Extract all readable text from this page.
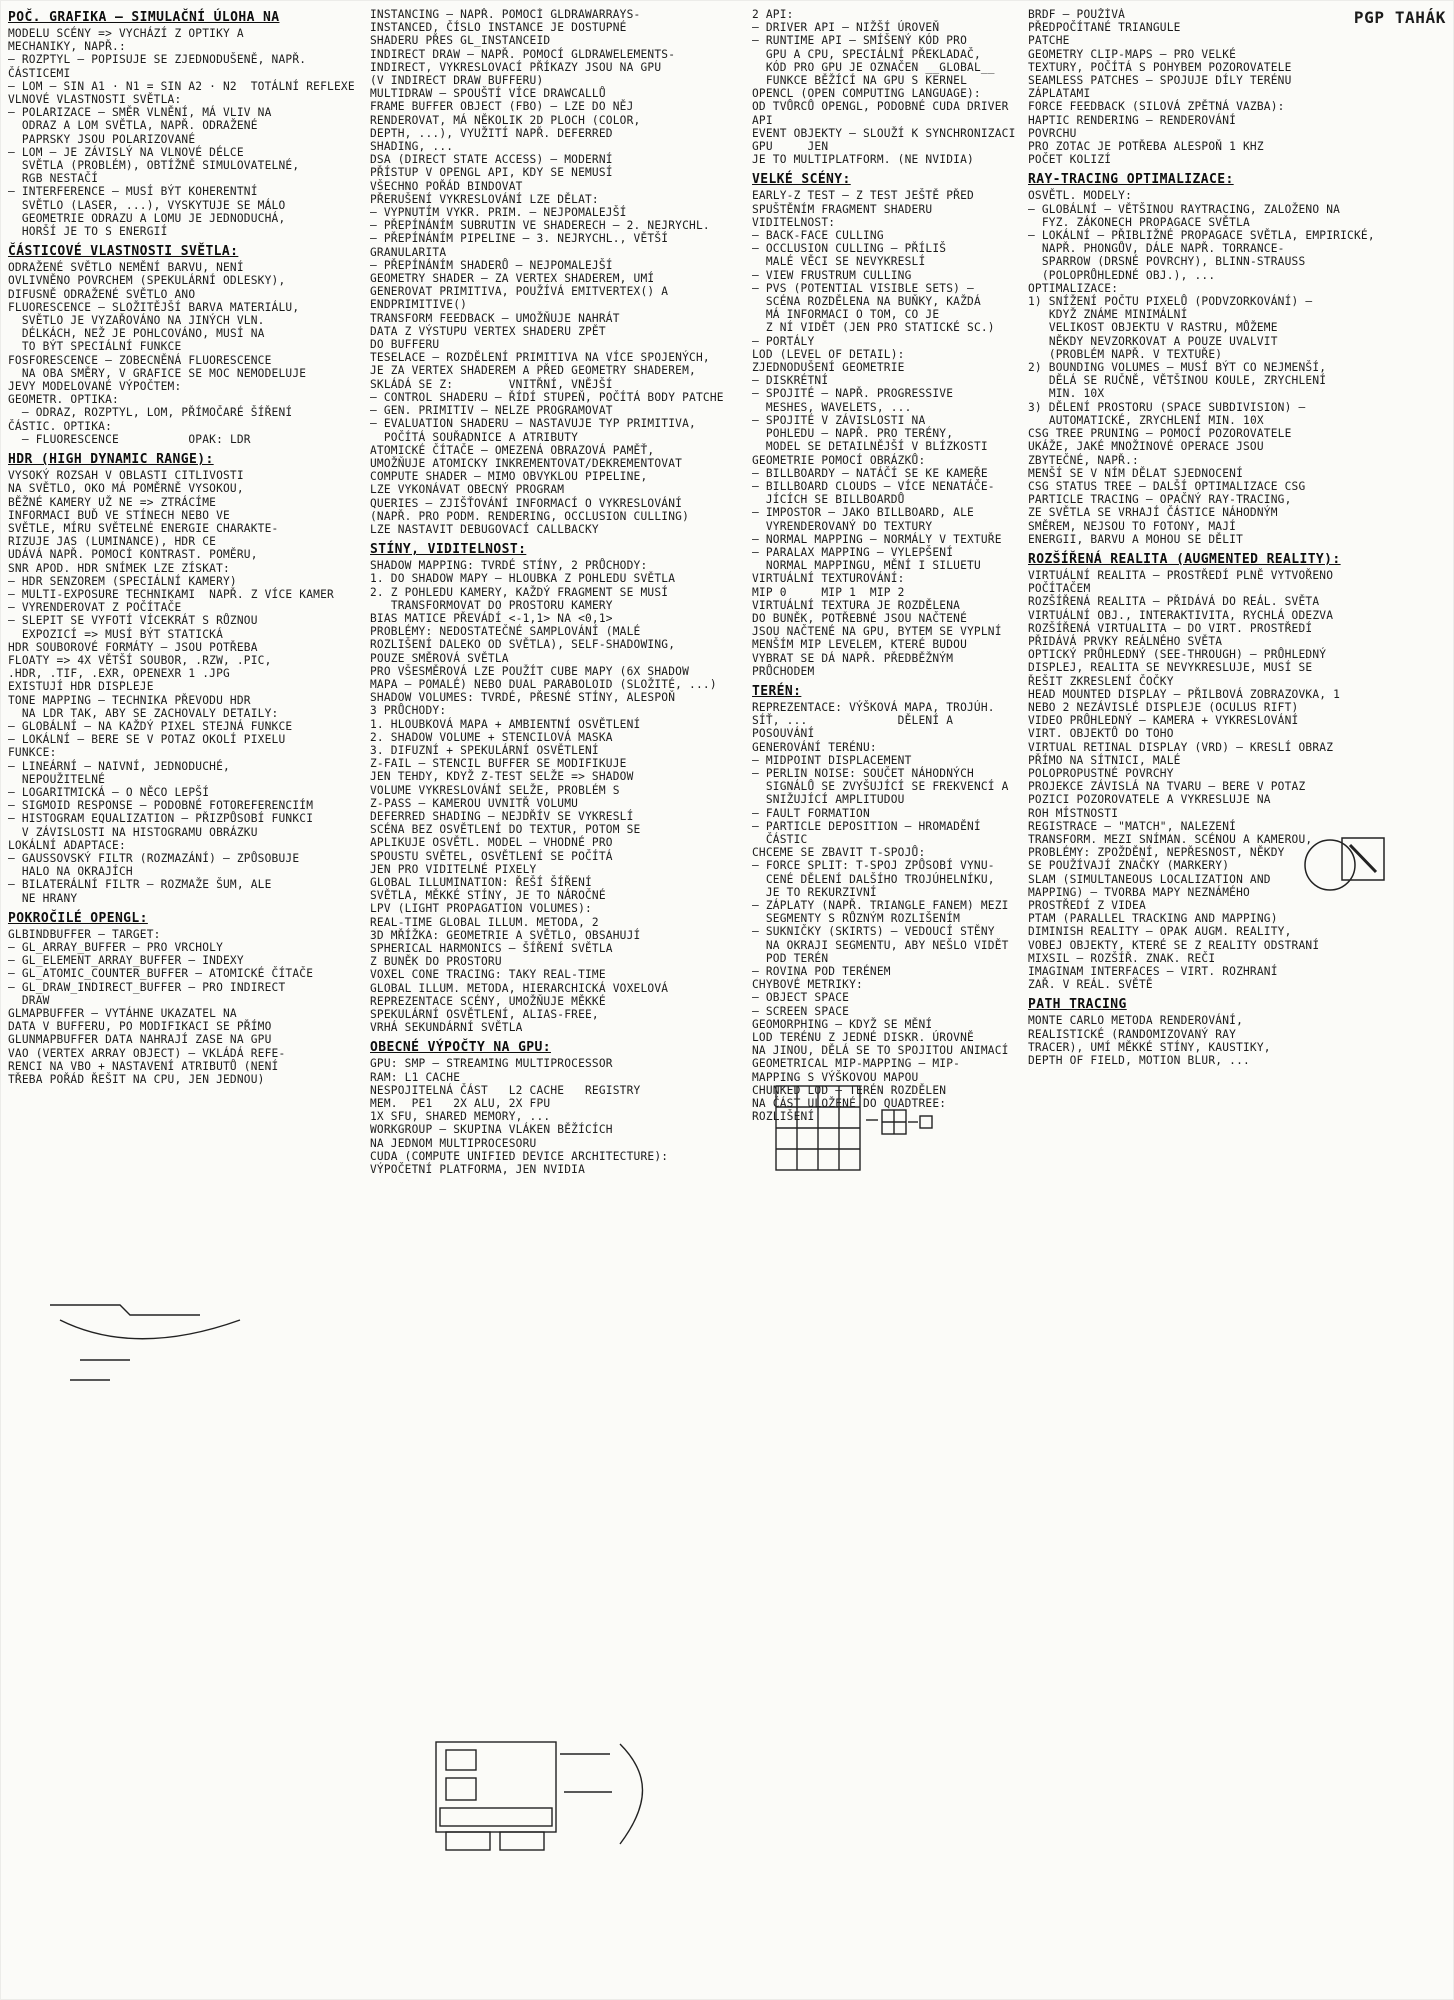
PGP TAHÁK
POČ. GRAFIKA – SIMULAČNÍ ÚLOHA NA
MODELU SCÉNY => VYCHÁZÍ Z OPTIKY A
MECHANIKY, NAPŘ.:
– ROZPTYL – POPISUJE SE ZJEDNODUŠENĚ, NAPŘ. ČÁSTICEMI
– LOM – SIN Α1 · N1 = SIN Α2 · N2  TOTÁLNÍ REFLEXE
VLNOVÉ VLASTNOSTI SVĚTLA:
– POLARIZACE – SMĚR VLNĚNÍ, MÁ VLIV NA
ODRAZ A LOM SVĚTLA, NAPŘ. ODRAŽENÉ
PAPRSKY JSOU POLARIZOVANÉ
– LOM – JE ZÁVISLÝ NA VLNOVÉ DÉLCE
SVĚTLA (PROBLÉM), OBTÍŽNĚ SIMULOVATELNÉ,
RGB NESTAČÍ
– INTERFERENCE – MUSÍ BÝT KOHERENTNÍ
SVĚTLO (LASER, ...), VYSKYTUJE SE MÁLO
GEOMETRIE ODRAZU A LOMU JE JEDNODUCHÁ,
HORŠÍ JE TO S ENERGIÍ
ČÁSTICOVÉ VLASTNOSTI SVĚTLA:
ODRAŽENÉ SVĚTLO NEMĚNÍ BARVU, NENÍ
OVLIVNĚNO POVRCHEM (SPEKULÁRNÍ ODLESKY),
DIFUSNĚ ODRAŽENÉ SVĚTLO ANO
FLUORESCENCE – SLOŽITĚJŠÍ BARVA MATERIÁLU,
SVĚTLO JE VYZAŘOVÁNO NA JINÝCH VLN.
DÉLKÁCH, NEŽ JE POHLCOVÁNO, MUSÍ NA
TO BÝT SPECIÁLNÍ FUNKCE
FOSFORESCENCE – ZOBECNĚNÁ FLUORESCENCE
NA OBA SMĚRY, V GRAFICE SE MOC NEMODELUJE
JEVY MODELOVANÉ VÝPOČTEM:
GEOMETR. OPTIKA:
– ODRAZ, ROZPTYL, LOM, PŘÍMOČARÉ ŠÍŘENÍ
ČÁSTIC. OPTIKA:
– FLUORESCENCE          OPAK: LDR
HDR (HIGH DYNAMIC RANGE):
VYSOKÝ ROZSAH V OBLASTI CITLIVOSTI
NA SVĚTLO, OKO MÁ POMĚRNĚ VYSOKOU,
BĚŽNÉ KAMERY UŽ NE => ZTRÁCÍME
INFORMACI BUĎ VE STÍNECH NEBO VE
SVĚTLE, MÍRU SVĚTELNÉ ENERGIE CHARAKTE-
RIZUJE JAS (LUMINANCE), HDR CE
UDÁVÁ NAPŘ. POMOCÍ KONTRAST. POMĚRU,
SNR APOD. HDR SNÍMEK LZE ZÍSKAT:
– HDR SENZOREM (SPECIÁLNÍ KAMERY)
– MULTI-EXPOSURE TECHNIKAMI  NAPŘ. Z VÍCE KAMER
– VYRENDEROVAT Z POČÍTAČE
– SLEPIT SE VYFOTÍ VÍCEKRÁT S RŮZNOU
EXPOZICÍ => MUSÍ BÝT STATICKÁ
HDR SOUBOROVÉ FORMÁTY – JSOU POTŘEBA
FLOATY => 4X VĚTŠÍ SOUBOR, .RZW, .PIC,
.HDR, .TIF, .EXR, OPENEXR 1 .JPG
EXISTUJÍ HDR DISPLEJE
TONE MAPPING – TECHNIKA PŘEVODU HDR
NA LDR TAK, ABY SE ZACHOVALY DETAILY:
– GLOBÁLNÍ – NA KAŽDÝ PIXEL STEJNÁ FUNKCE
– LOKÁLNÍ – BERE SE V POTAZ OKOLÍ PIXELU
FUNKCE:
– LINEÁRNÍ – NAIVNÍ, JEDNODUCHÉ,
NEPOUŽITELNÉ
– LOGARITMICKÁ – O NĚCO LEPŠÍ
– SIGMOID RESPONSE – PODOBNÉ FOTOREFERENCIÍM
– HISTOGRAM EQUALIZATION – PŘIZPŮSOBÍ FUNKCI
V ZÁVISLOSTI NA HISTOGRAMU OBRÁZKU
LOKÁLNÍ ADAPTACE:
– GAUSSOVSKÝ FILTR (ROZMAZÁNÍ) – ZPŮSOBUJE
HALO NA OKRAJÍCH
– BILATERÁLNÍ FILTR – ROZMAŽE ŠUM, ALE
NE HRANY
POKROČILÉ OPENGL:
GLBINDBUFFER – TARGET:
– GL_ARRAY_BUFFER – PRO VRCHOLY
– GL_ELEMENT_ARRAY_BUFFER – INDEXY
– GL_ATOMIC_COUNTER_BUFFER – ATOMICKÉ ČÍTAČE
– GL_DRAW_INDIRECT_BUFFER – PRO INDIRECT
DRAW
GLMAPBUFFER – VYTÁHNE UKAZATEL NA
DATA V BUFFERU, PO MODIFIKACI SE PŘÍMO
GLUNMAPBUFFER DATA NAHRAJÍ ZASE NA GPU
VAO (VERTEX ARRAY OBJECT) – VKLÁDÁ REFE-
RENCI NA VBO + NASTAVENÍ ATRIBUTŮ (NENÍ
TŘEBA POŘÁD ŘEŠIT NA CPU, JEN JEDNOU)
INSTANCING – NAPŘ. POMOCÍ GLDRAWARRAYS-
INSTANCED, ČÍSLO INSTANCE JE DOSTUPNÉ
SHADERU PŘES GL_INSTANCEID
INDIRECT DRAW – NAPŘ. POMOCÍ GLDRAWELEMENTS-
INDIRECT, VYKRESLOVACÍ PŘÍKAZY JSOU NA GPU
(V INDIRECT DRAW BUFFERU)
MULTIDRAW – SPOUŠTÍ VÍCE DRAWCALLŮ
FRAME BUFFER OBJECT (FBO) – LZE DO NĚJ
RENDEROVAT, MÁ NĚKOLIK 2D PLOCH (COLOR,
DEPTH, ...), VYUŽITÍ NAPŘ. DEFERRED
SHADING, ...
DSA (DIRECT STATE ACCESS) – MODERNÍ
PŘÍSTUP V OPENGL API, KDY SE NEMUSÍ
VŠECHNO POŘÁD BINDOVAT
PŘERUŠENÍ VYKRESLOVÁNÍ LZE DĚLAT:
– VYPNUTÍM VYKR. PRIM. – NEJPOMALEJŠÍ
– PŘEPÍNÁNÍM SUBRUTIN VE SHADERECH – 2. NEJRYCHL.
– PŘEPÍNÁNÍM PIPELINE – 3. NEJRYCHL., VĚTŠÍ GRANULARITA
– PŘEPÍNÁNÍM SHADERŮ – NEJPOMALEJŠÍ
GEOMETRY SHADER – ZA VERTEX SHADEREM, UMÍ
GENEROVAT PRIMITIVA, POUŽÍVÁ EMITVERTEX() A
ENDPRIMITIVE()
TRANSFORM FEEDBACK – UMOŽŇUJE NAHRÁT
DATA Z VÝSTUPU VERTEX SHADERU ZPĚT
DO BUFFERU
TESELACE – ROZDĚLENÍ PRIMITIVA NA VÍCE SPOJENÝCH,
JE ZA VERTEX SHADEREM A PŘED GEOMETRY SHADEREM,
SKLÁDÁ SE Z:        VNITŘNÍ, VNĚJŠÍ
– CONTROL SHADERU – ŘÍDÍ STUPEŇ, POČÍTÁ BODY PATCHE
– GEN. PRIMITIV – NELZE PROGRAMOVAT
– EVALUATION SHADERU – NASTAVUJE TYP PRIMITIVA,
POČÍTÁ SOUŘADNICE A ATRIBUTY
ATOMICKÉ ČÍTAČE – OMEZENÁ OBRAZOVÁ PAMĚŤ,
UMOŽŇUJE ATOMICKY INKREMENTOVAT/DEKREMENTOVAT
COMPUTE SHADER – MIMO OBVYKLOU PIPELINE,
LZE VYKONÁVAT OBECNÝ PROGRAM
QUERIES – ZJIŠŤOVÁNÍ INFORMACÍ O VYKRESLOVÁNÍ
(NAPŘ. PRO PODM. RENDERING, OCCLUSION CULLING)
LZE NASTAVIT DEBUGOVACÍ CALLBACKY
STÍNY, VIDITELNOST:
SHADOW MAPPING: TVRDÉ STÍNY, 2 PRŮCHODY:
1. DO SHADOW MAPY – HLOUBKA Z POHLEDU SVĚTLA
2. Z POHLEDU KAMERY, KAŽDÝ FRAGMENT SE MUSÍ
TRANSFORMOVAT DO PROSTORU KAMERY
BIAS MATICE PŘEVÁDÍ <-1,1> NA <0,1>
PROBLÉMY: NEDOSTATEČNÉ SAMPLOVÁNÍ (MALÉ
ROZLIŠENÍ DALEKO OD SVĚTLA), SELF-SHADOWING,
POUZE SMĚROVÁ SVĚTLA
PRO VŠESMĚROVÁ LZE POUŽÍT CUBE MAPY (6X SHADOW
MAPA – POMALÉ) NEBO DUAL PARABOLOID (SLOŽITÉ, ...)
SHADOW VOLUMES: TVRDÉ, PŘESNÉ STÍNY, ALESPOŇ
3 PRŮCHODY:
1. HLOUBKOVÁ MAPA + AMBIENTNÍ OSVĚTLENÍ
2. SHADOW VOLUME + STENCILOVÁ MASKA
3. DIFUZNÍ + SPEKULÁRNÍ OSVĚTLENÍ
Z-FAIL – STENCIL BUFFER SE MODIFIKUJE
JEN TEHDY, KDYŽ Z-TEST SELŽE => SHADOW
VOLUME VYKRESLOVÁNÍ SELŽE, PROBLÉM S
Z-PASS – KAMEROU UVNITŘ VOLUMU
DEFERRED SHADING – NEJDŘÍV SE VYKRESLÍ
SCÉNA BEZ OSVĚTLENÍ DO TEXTUR, POTOM SE
APLIKUJE OSVĚTL. MODEL – VHODNÉ PRO
SPOUSTU SVĚTEL, OSVĚTLENÍ SE POČÍTÁ
JEN PRO VIDITELNÉ PIXELY
GLOBAL ILLUMINATION: ŘEŠÍ ŠÍŘENÍ
SVĚTLA, MĚKKÉ STÍNY, JE TO NÁROČNÉ
LPV (LIGHT PROPAGATION VOLUMES):
REAL-TIME GLOBAL ILLUM. METODA, 2
3D MŘÍŽKA: GEOMETRIE A SVĚTLO, OBSAHUJÍ
SPHERICAL HARMONICS – ŠÍŘENÍ SVĚTLA
Z BUNĚK DO PROSTORU
VOXEL CONE TRACING: TAKY REAL-TIME
GLOBAL ILLUM. METODA, HIERARCHICKÁ VOXELOVÁ
REPREZENTACE SCÉNY, UMOŽŇUJE MĚKKÉ
SPEKULÁRNÍ OSVĚTLENÍ, ALIAS-FREE,
VRHÁ SEKUNDÁRNÍ SVĚTLA
OBECNÉ VÝPOČTY NA GPU:
GPU: SMP – STREAMING MULTIPROCESSOR
RAM: L1 CACHE
NESPOJITELNÁ ČÁST   L2 CACHE   REGISTRY
MEM.  PE1   2X ALU, 2X FPU
1X SFU, SHARED MEMORY, ...
WORKGROUP – SKUPINA VLÁKEN BĚŽÍCÍCH
NA JEDNOM MULTIPROCESORU
CUDA (COMPUTE UNIFIED DEVICE ARCHITECTURE):
VÝPOČETNÍ PLATFORMA, JEN NVIDIA
2 API:
– DRIVER API – NIŽŠÍ ÚROVEŇ
– RUNTIME API – SMÍŠENÝ KÓD PRO
GPU A CPU, SPECIÁLNÍ PŘEKLADAČ,
KÓD PRO GPU JE OZNAČEN __GLOBAL__
FUNKCE BĚŽÍCÍ NA GPU S KERNEL
OPENCL (OPEN COMPUTING LANGUAGE):
OD TVŮRCŮ OPENGL, PODOBNÉ CUDA DRIVER API
EVENT OBJEKTY – SLOUŽÍ K SYNCHRONIZACI
GPU     JEN
JE TO MULTIPLATFORM. (NE NVIDIA)
VELKÉ SCÉNY:
EARLY-Z TEST – Z TEST JEŠTĚ PŘED
SPUŠTĚNÍM FRAGMENT SHADERU
VIDITELNOST:
– BACK-FACE CULLING
– OCCLUSION CULLING – PŘÍLIŠ
MALÉ VĚCI SE NEVYKRESLÍ
– VIEW FRUSTRUM CULLING
– PVS (POTENTIAL VISIBLE SETS) –
SCÉNA ROZDĚLENA NA BUŇKY, KAŽDÁ
MÁ INFORMACI O TOM, CO JE
Z NÍ VIDĚT (JEN PRO STATICKÉ SC.)
– PORTÁLY
LOD (LEVEL OF DETAIL):
ZJEDNODUŠENÍ GEOMETRIE
– DISKRÉTNÍ
– SPOJITÉ – NAPŘ. PROGRESSIVE
MESHES, WAVELETS, ...
– SPOJITÉ V ZÁVISLOSTI NA
POHLEDU – NAPŘ. PRO TERÉNY,
MODEL SE DETAILNĚJŠÍ V BLÍZKOSTI
GEOMETRIE POMOCÍ OBRÁZKŮ:
– BILLBOARDY – NATÁČÍ SE KE KAMEŘE
– BILLBOARD CLOUDS – VÍCE NENATÁČE-
JÍCÍCH SE BILLBOARDŮ
– IMPOSTOR – JAKO BILLBOARD, ALE
VYRENDEROVANÝ DO TEXTURY
– NORMAL MAPPING – NORMÁLY V TEXTUŘE
– PARALAX MAPPING – VYLEPŠENÍ
NORMAL MAPPINGU, MĚNÍ I SILUETU
VIRTUÁLNÍ TEXTUROVÁNÍ:
MIP 0     MIP 1  MIP 2
VIRTUÁLNÍ TEXTURA JE ROZDĚLENA
DO BUNĚK, POTŘEBNÉ JSOU NAČTENÉ
JSOU NAČTENÉ NA GPU, BYTEM SE VYPLNÍ
MENŠÍM MIP LEVELEM, KTERÉ BUDOU
VYBRAT SE DÁ NAPŘ. PŘEDBĚŽNÝM
PRŮCHODEM
TERÉN:
REPREZENTACE: VÝŠKOVÁ MAPA, TROJÚH.
SÍŤ, ...             DĚLENÍ A POSOUVÁNÍ
GENEROVÁNÍ TERÉNU:
– MIDPOINT DISPLACEMENT
– PERLIN NOISE: SOUČET NÁHODNÝCH
SIGNÁLŮ SE ZVYŠUJÍCÍ SE FREKVENCÍ A
SNIŽUJÍCÍ AMPLITUDOU
– FAULT FORMATION
– PARTICLE DEPOSITION – HROMADĚNÍ
ČÁSTIC
CHCEME SE ZBAVIT T-SPOJŮ:
– FORCE SPLIT: T-SPOJ ZPŮSOBÍ VYNU-
CENÉ DĚLENÍ DALŠÍHO TROJÚHELNÍKU,
JE TO REKURZIVNÍ
– ZÁPLATY (NAPŘ. TRIANGLE FANEM) MEZI
SEGMENTY S RŮZNÝM ROZLIŠENÍM
– SUKNIČKY (SKIRTS) – VEDOUCÍ STĚNY
NA OKRAJI SEGMENTU, ABY NEŠLO VIDĚT
POD TERÉN
– ROVINA POD TERÉNEM
CHYBOVÉ METRIKY:
– OBJECT SPACE
– SCREEN SPACE
GEOMORPHING – KDYŽ SE MĚNÍ
LOD TERÉNU Z JEDNÉ DISKR. ÚROVNĚ
NA JINOU, DĚLÁ SE TO SPOJITOU ANIMACÍ
GEOMETRICAL MIP-MAPPING – MIP-
MAPPING S VÝŠKOVOU MAPOU
CHUNKED LOD – TERÉN ROZDĚLEN
NA ČÁST ULOŽENÉ DO QUADTREE:
ROZLIŠENÍ
BRDF – POUŽÍVÁ
PŘEDPOČÍTANÉ TRIANGULE
PATCHE
GEOMETRY CLIP-MAPS – PRO VELKÉ
TEXTURY, POČÍTÁ S POHYBEM POZOROVATELE
SEAMLESS PATCHES – SPOJUJE DÍLY TERÉNU
ZÁPLATAMI
FORCE FEEDBACK (SILOVÁ ZPĚTNÁ VAZBA):
HAPTIC RENDERING – RENDEROVÁNÍ
POVRCHU
PRO ZOTAC JE POTŘEBA ALESPOŇ 1 KHZ
POČET KOLIZÍ
RAY-TRACING OPTIMALIZACE:
OSVĚTL. MODELY:
– GLOBÁLNÍ – VĚTŠINOU RAYTRACING, ZALOŽENO NA
FYZ. ZÁKONECH PROPAGACE SVĚTLA
– LOKÁLNÍ – PŘIBLIŽNÉ PROPAGACE SVĚTLA, EMPIRICKÉ,
NAPŘ. PHONGŮV, DÁLE NAPŘ. TORRANCE-
SPARROW (DRSNÉ POVRCHY), BLINN-STRAUSS
(POLOPRŮHLEDNÉ OBJ.), ...
OPTIMALIZACE:
1) SNÍŽENÍ POČTU PIXELŮ (PODVZORKOVÁNÍ) –
KDYŽ ZNÁME MINIMÁLNÍ
VELIKOST OBJEKTU V RASTRU, MŮŽEME
NĚKDY NEVZORKOVAT A POUZE UVALVIT
(PROBLÉM NAPŘ. V TEXTUŘE)
2) BOUNDING VOLUMES – MUSÍ BÝT CO NEJMENŠÍ,
DĚLÁ SE RUČNĚ, VĚTŠINOU KOULE, ZRYCHLENÍ
MIN. 10X
3) DĚLENÍ PROSTORU (SPACE SUBDIVISION) –
AUTOMATICKÉ, ZRYCHLENÍ MIN. 10X
CSG TREE PRUNING – POMOCÍ POZOROVATELE
UKÁŽE, JAKÉ MNOŽINOVÉ OPERACE JSOU
ZBYTEČNÉ, NAPŘ.:
MENŠÍ SE V NÍM DĚLAT SJEDNOCENÍ
CSG STATUS TREE – DALŠÍ OPTIMALIZACE CSG
PARTICLE TRACING – OPAČNÝ RAY-TRACING,
ZE SVĚTLA SE VRHAJÍ ČÁSTICE NÁHODNÝM
SMĚREM, NEJSOU TO FOTONY, MAJÍ
ENERGII, BARVU A MOHOU SE DĚLIT
ROZŠÍŘENÁ REALITA (AUGMENTED REALITY):
VIRTUÁLNÍ REALITA – PROSTŘEDÍ PLNĚ VYTVOŘENO
POČÍTAČEM
ROZŠÍŘENÁ REALITA – PŘIDÁVÁ DO REÁL. SVĚTA
VIRTUÁLNÍ OBJ., INTERAKTIVITA, RYCHLÁ ODEZVA
ROZŠÍŘENÁ VIRTUALITA – DO VIRT. PROSTŘEDÍ
PŘIDÁVÁ PRVKY REÁLNÉHO SVĚTA
OPTICKÝ PRŮHLEDNÝ (SEE-THROUGH) – PRŮHLEDNÝ
DISPLEJ, REALITA SE NEVYKRESLUJE, MUSÍ SE
ŘEŠIT ZKRESLENÍ ČOČKY
HEAD MOUNTED DISPLAY – PŘILBOVÁ ZOBRAZOVKA, 1
NEBO 2 NEZÁVISLÉ DISPLEJE (OCULUS RIFT)
VIDEO PRŮHLEDNÝ – KAMERA + VYKRESLOVÁNÍ
VIRT. OBJEKTŮ DO TOHO
VIRTUAL RETINAL DISPLAY (VRD) – KRESLÍ OBRAZ
PŘÍMO NA SÍTNICI, MALÉ
POLOPROPUSTNÉ POVRCHY
PROJEKCE ZÁVISLÁ NA TVARU – BERE V POTAZ
POZICI POZOROVATELE A VYKRESLUJE NA
ROH MÍSTNOSTI
REGISTRACE – "MATCH", NALEZENÍ
TRANSFORM. MEZI SNÍMAN. SCÉNOU A KAMEROU,
PROBLÉMY: ZPOŽDĚNÍ, NEPŘESNOST, NĚKDY
SE POUŽÍVAJÍ ZNAČKY (MARKERY)
SLAM (SIMULTANEOUS LOCALIZATION AND
MAPPING) – TVORBA MAPY NEZNÁMÉHO
PROSTŘEDÍ Z VIDEA
PTAM (PARALLEL TRACKING AND MAPPING)
DIMINISH REALITY – OPAK AUGM. REALITY,
VOBEJ OBJEKTY, KTERÉ SE Z REALITY ODSTRANÍ
MIXSIL – ROZŠÍŘ. ZNAK. REČI
IMAGINAM INTERFACES – VIRT. ROZHRANÍ
ZAŘ. V REÁL. SVĚTĚ
PATH TRACING
MONTE CARLO METODA RENDEROVÁNÍ,
REALISTICKÉ (RANDOMIZOVANÝ RAY
TRACER), UMÍ MĚKKÉ STÍNY, KAUSTIKY,
DEPTH OF FIELD, MOTION BLUR, ...
